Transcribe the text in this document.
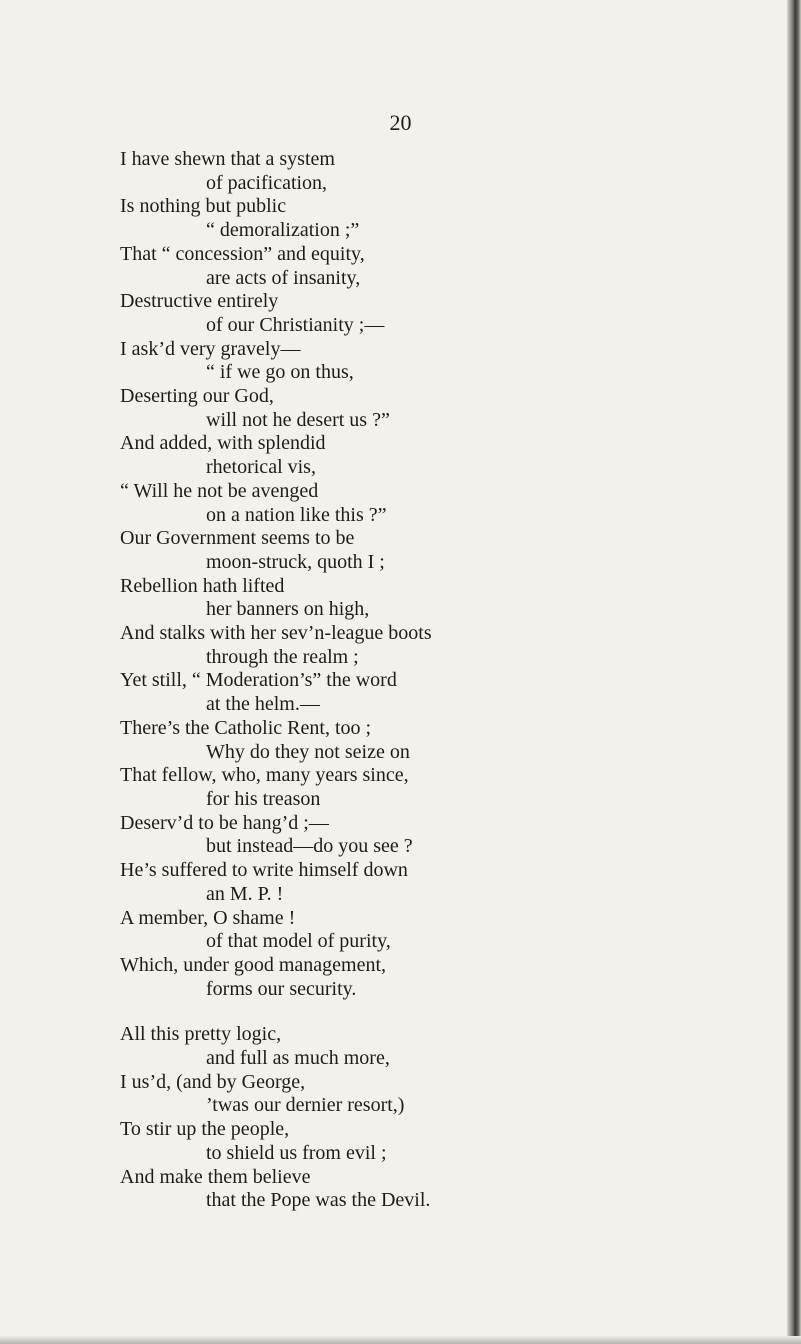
20
I have shewn that a system
of pacification,
Is nothing but public
“ demoralization ;”
That “ concession” and equity,
are acts of insanity,
Destructive entirely
of our Christianity ;—
I ask’d very gravely—
“ if we go on thus,
Deserting our God,
will not he desert us ?”
And added, with splendid
rhetorical vis,
“ Will he not be avenged
on a nation like this ?”
Our Government seems to be
moon-struck, quoth I ;
Rebellion hath lifted
her banners on high,
And stalks with her sev’n-league boots
through the realm ;
Yet still, “ Moderation’s” the word
at the helm.—
There’s the Catholic Rent, too ;
Why do they not seize on
That fellow, who, many years since,
for his treason
Deserv’d to be hang’d ;—
but instead—do you see ?
He’s suffered to write himself down
an M. P. !
A member, O shame !
of that model of purity,
Which, under good management,
forms our security.
All this pretty logic,
and full as much more,
I us’d, (and by George,
’twas our dernier resort,)
To stir up the people,
to shield us from evil ;
And make them believe
that the Pope was the Devil.
